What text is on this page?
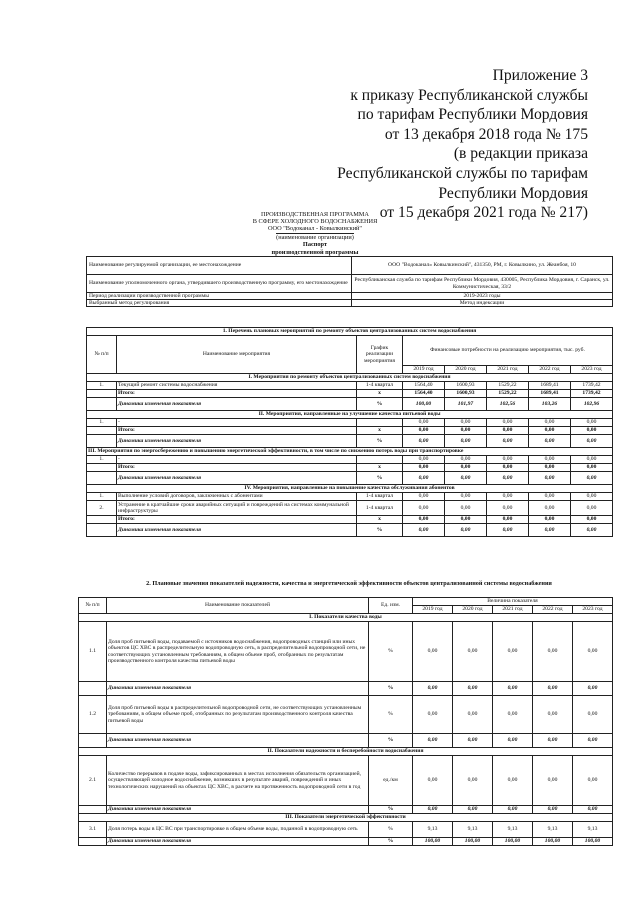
Приложение 3
к приказу Республиканской службы
по тарифам Республики Мордовия
от 13 декабря 2018 года № 175
(в редакции приказа
Республиканской службы по тарифам
Республики Мордовия
от 15 декабря 2021 года № 217)
ПРОИЗВОДСТВЕННАЯ ПРОГРАММА
В СФЕРЕ ХОЛОДНОГО ВОДОСНАБЖЕНИЯ
ООО "Водоканал - Ковылкинский"
(наименование организации)
Паспорт
производственной программы
Наименование регулируемой организации, ее местонахождение	ООО "Водоканал» Ковылкинский", 431350, РМ, г. Ковылкино, ул. Жеанбоя, 10
Наименование уполномоченного органа, утвердившего производственную программу, его местонахождение	Республиканская служба по тарифам Республики Мордовия, 430005, Республика Мордовия, г. Саранск, ул. Коммунистическая, 33/2
Период реализации производственной программы	2019-2023 годы
Выбранный метод регулирования	Метод индексации
1. Перечень плановых мероприятий по ремонту объектов централизованных систем водоснабжения							
№ п/п	Наименование мероприятия	График реализации мероприятия	Финансовые потребности на реализацию мероприятия, тыс. руб.				
			2019 год	2020 год	2021 год	2022 год	2023 год
I. Мероприятия по ремонту объектов централизованных систем водоснабжения							
1.	Текущий ремонт системы водоснабжения	1-4 квартал	1564,40	1600,93	1529,22	1689,41	1739,42
	Итого:	х	1564,40	1600,93	1529,22	1689,41	1739,42
	Динамика изменения показателя	%	100,00	101,97	102,56	103,26	102,96
II. Мероприятия, направленные на улучшение качества питьевой воды							
1.	-		0,00	0,00	0,00	0,00	0,00
	Итого:	х	0,00	0,00	0,00	0,00	0,00
	Динамика изменения показателя	%	0,00	0,00	0,00	0,00	0,00
III. Мероприятия по энергосбережению и повышению энергетической эффективности, в том числе по снижению потерь воды при транспортировке							
1.	-		0,00	0,00	0,00	0,00	0,00
	Итого:	х	0,00	0,00	0,00	0,00	0,00
	Динамика изменения показателя	%	0,00	0,00	0,00	0,00	0,00
IV. Мероприятия, направленные на повышение качества обслуживания абонентов							
1.	Выполнение условий договоров, заключенных с абонентами	1-4 квартал	0,00	0,00	0,00	0,00	0,00
2.	Устранение в кратчайшие сроки аварийных ситуаций и повреждений на системах коммунальной инфраструктуры	1-4 квартал	0,00	0,00	0,00	0,00	0,00
	Итого:	х	0,00	0,00	0,00	0,00	0,00
	Динамика изменения показателя	%	0,00	0,00	0,00	0,00	0,00
2. Плановые значения показателей надежности, качества и энергетической эффективности объектов централизованной системы водоснабжения
№ п/п	Наименование показателей	Ед. изм.	Величина показателя				
			2019 год	2020 год	2021 год	2022 год	2023 год
I. Показатели качества воды							
1.1	Доля проб питьевой воды, подаваемой с источников водоснабжения, водопроводных станций или иных объектов ЦС ХВС в распределительную водопроводную сеть, в распределительной водопроводной сети, не соответствующих установленным требованиям, в общем объеме проб, отобранных по результатам производственного контроля качества питьевой воды	%	0,00	0,00	0,00	0,00	0,00
	Динамика изменения показателя	%	0,00	0,00	0,00	0,00	0,00
1.2	Доля проб питьевой воды в распределительной водопроводной сети, не соответствующих установленным требованиям, в общем объеме проб, отобранных по результатам производственного контроля качества питьевой воды	%	0,00	0,00	0,00	0,00	0,00
	Динамика изменения показателя	%	0,00	0,00	0,00	0,00	0,00
II. Показатели надежности и бесперебойности водоснабжения							
2.1	Количество перерывов в подаче воды, зафиксированных в местах исполнения обязательств организацией, осуществляющей холодное водоснабжение, возникших в результате аварий, повреждений и иных технологических нарушений на объектах ЦС ХВС, в расчете на протяженность водопроводной сети в год	ед./км	0,00	0,00	0,00	0,00	0,00
	Динамика изменения показателя	%	0,00	0,00	0,00	0,00	0,00
III. Показатели энергетической эффективности							
3.1	Доля потерь воды в ЦС ВС при транспортировке в общем объеме воды, поданной в водопроводную сеть	%	9,13	9,13	9,13	9,13	9,13
	Динамика изменения показателя	%	100,00	100,00	100,00	100,00	100,00
